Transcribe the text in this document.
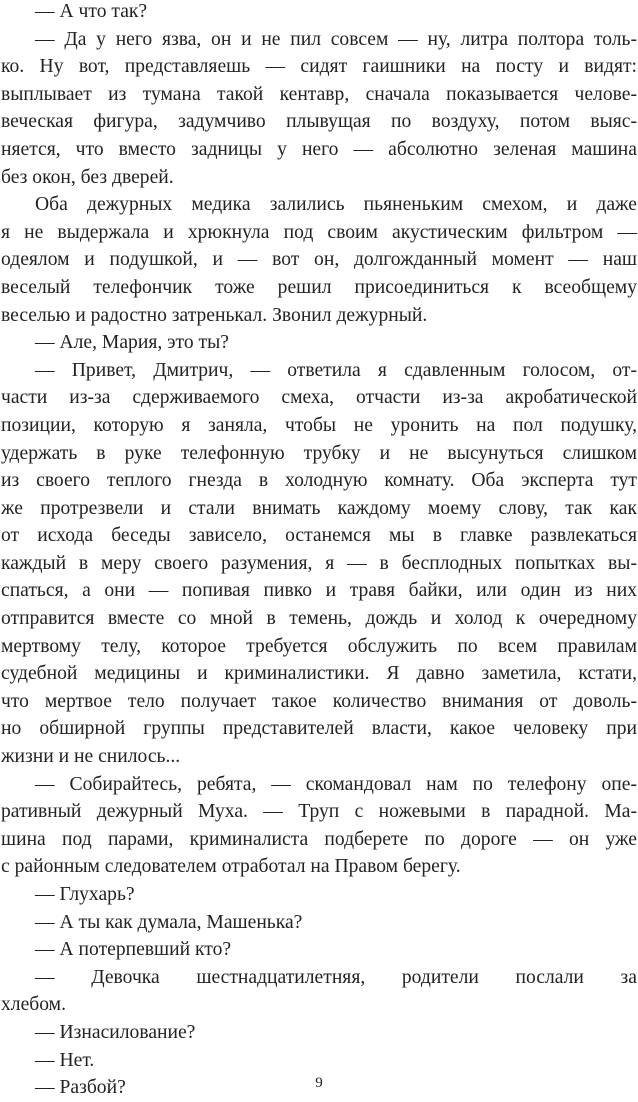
— А что так?
— Да у него язва, он и не пил совсем — ну, литра полтора толь-
ко. Ну вот, представляешь — сидят гаишники на посту и видят:
выплывает из тумана такой кентавр, сначала показывается челове-
веческая фигура, задумчиво плывущая по воздуху, потом выяс-
няется, что вместо задницы у него — абсолютно зеленая машина
без окон, без дверей.
Оба дежурных медика залились пьяненьким смехом, и даже
я не выдержала и хрюкнула под своим акустическим фильтром —
одеялом и подушкой, и — вот он, долгожданный момент — наш
веселый телефончик тоже решил присоединиться к всеобщему
веселью и радостно затренькал. Звонил дежурный.
— Але, Мария, это ты?
— Привет, Дмитрич, — ответила я сдавленным голосом, от-
части из-за сдерживаемого смеха, отчасти из-за акробатической
позиции, которую я заняла, чтобы не уронить на пол подушку,
удержать в руке телефонную трубку и не высунуться слишком
из своего теплого гнезда в холодную комнату. Оба эксперта тут
же протрезвели и стали внимать каждому моему слову, так как
от исхода беседы зависело, останемся мы в главке развлекаться
каждый в меру своего разумения, я — в бесплодных попытках вы-
спаться, а они — попивая пивко и травя байки, или один из них
отправится вместе со мной в темень, дождь и холод к очередному
мертвому телу, которое требуется обслужить по всем правилам
судебной медицины и криминалистики. Я давно заметила, кстати,
что мертвое тело получает такое количество внимания от доволь-
но обширной группы представителей власти, какое человеку при
жизни и не снилось...
— Собирайтесь, ребята, — скомандовал нам по телефону опе-
ративный дежурный Муха. — Труп с ножевыми в парадной. Ма-
шина под парами, криминалиста подберете по дороге — он уже
с районным следователем отработал на Правом берегу.
— Глухарь?
— А ты как думала, Машенька?
— А потерпевший кто?
— Девочка шестнадцатилетняя, родители послали за
хлебом.
— Изнасилование?
— Нет.
— Разбой?	9
